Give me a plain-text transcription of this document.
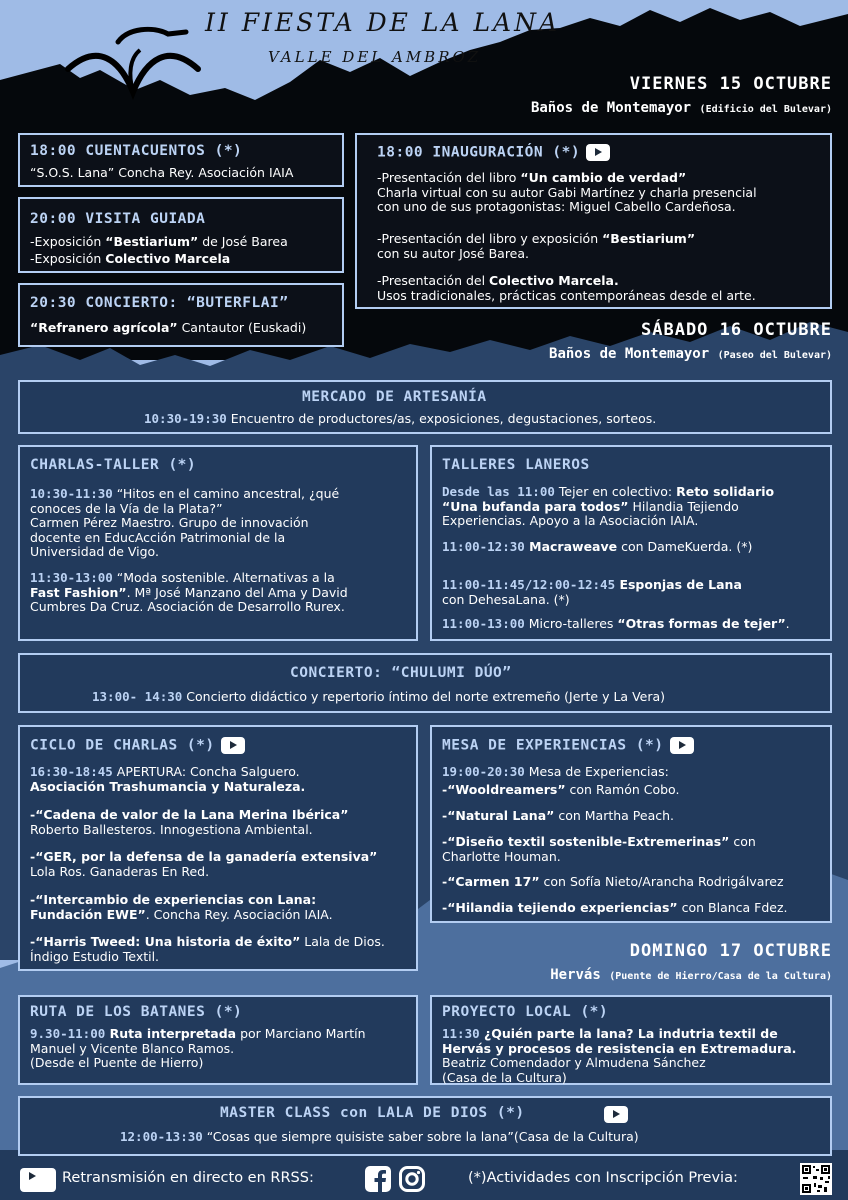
II FIESTA DE LA LANA
VALLE DEL AMBROZ
VIERNES 15 OCTUBRE
Baños de Montemayor (Edificio del Bulevar)
18:00 CUENTACUENTOS (*)
“S.O.S. Lana” Concha Rey. Asociación IAIA
20:00 VISITA GUIADA
-Exposición “Bestiarium” de José Barea
-Exposición Colectivo Marcela
20:30 CONCIERTO: “BUTERFLAI”
“Refranero agrícola” Cantautor (Euskadi)
18:00 INAUGURACIÓN (*)
-Presentación del libro “Un cambio de verdad”
Charla virtual con su autor Gabi Martínez y charla presencial
con uno de sus protagonistas: Miguel Cabello Cardeñosa.
-Presentación del libro y exposición “Bestiarium”
con su autor José Barea.
-Presentación del Colectivo Marcela.
Usos tradicionales, prácticas contemporáneas desde el arte.
SÁBADO 16 OCTUBRE
Baños de Montemayor (Paseo del Bulevar)
MERCADO DE ARTESANÍA
10:30-19:30 Encuentro de productores/as, exposiciones, degustaciones, sorteos.
CHARLAS-TALLER (*)
10:30-11:30 “Hitos en el camino ancestral, ¿qué
conoces de la Vía de la Plata?”
Carmen Pérez Maestro. Grupo de innovación
docente en EducAcción Patrimonial de la
Universidad de Vigo.
11:30-13:00 “Moda sostenible. Alternativas a la
Fast Fashion”. Mª José Manzano del Ama y David
Cumbres Da Cruz. Asociación de Desarrollo Rurex.
TALLERES LANEROS
Desde las 11:00 Tejer en colectivo: Reto solidario
“Una bufanda para todos” Hilandia Tejiendo
Experiencias. Apoyo a la Asociación IAIA.
11:00-12:30 Macraweave con DameKuerda. (*)
11:00-11:45/12:00-12:45 Esponjas de Lana
con DehesaLana. (*)
11:00-13:00 Micro-talleres “Otras formas de tejer”.
CONCIERTO: “CHULUMI DÚO”
13:00- 14:30 Concierto didáctico y repertorio íntimo del norte extremeño (Jerte y La Vera)
CICLO DE CHARLAS (*)
16:30-18:45 APERTURA: Concha Salguero.
Asociación Trashumancia y Naturaleza.
-“Cadena de valor de la Lana Merina Ibérica”
Roberto Ballesteros. Innogestiona Ambiental.
-“GER, por la defensa de la ganadería extensiva”
Lola Ros. Ganaderas En Red.
-“Intercambio de experiencias con Lana:
Fundación EWE”. Concha Rey. Asociación IAIA.
-“Harris Tweed: Una historia de éxito” Lala de Dios.
Índigo Estudio Textil.
MESA DE EXPERIENCIAS (*)
19:00-20:30 Mesa de Experiencias:
-“Wooldreamers” con Ramón Cobo.
-“Natural Lana” con Martha Peach.
-“Diseño textil sostenible-Extremerinas” con
Charlotte Houman.
-“Carmen 17” con Sofía Nieto/Arancha Rodrigálvarez
-“Hilandia tejiendo experiencias” con Blanca Fdez.
DOMINGO 17 OCTUBRE
Hervás (Puente de Hierro/Casa de la Cultura)
RUTA DE LOS BATANES (*)
9.30-11:00 Ruta interpretada por Marciano Martín
Manuel y Vicente Blanco Ramos.
(Desde el Puente de Hierro)
PROYECTO LOCAL (*)
11:30 ¿Quién parte la lana? La indutria textil de
Hervás y procesos de resistencia en Extremadura.
Beatriz Comendador y Almudena Sánchez
(Casa de la Cultura)
MASTER CLASS con LALA DE DIOS (*)
12:00-13:30 “Cosas que siempre quisiste saber sobre la lana”(Casa de la Cultura)
Retransmisión en directo en RRSS:	(*)Actividades con Inscripción Previa:
